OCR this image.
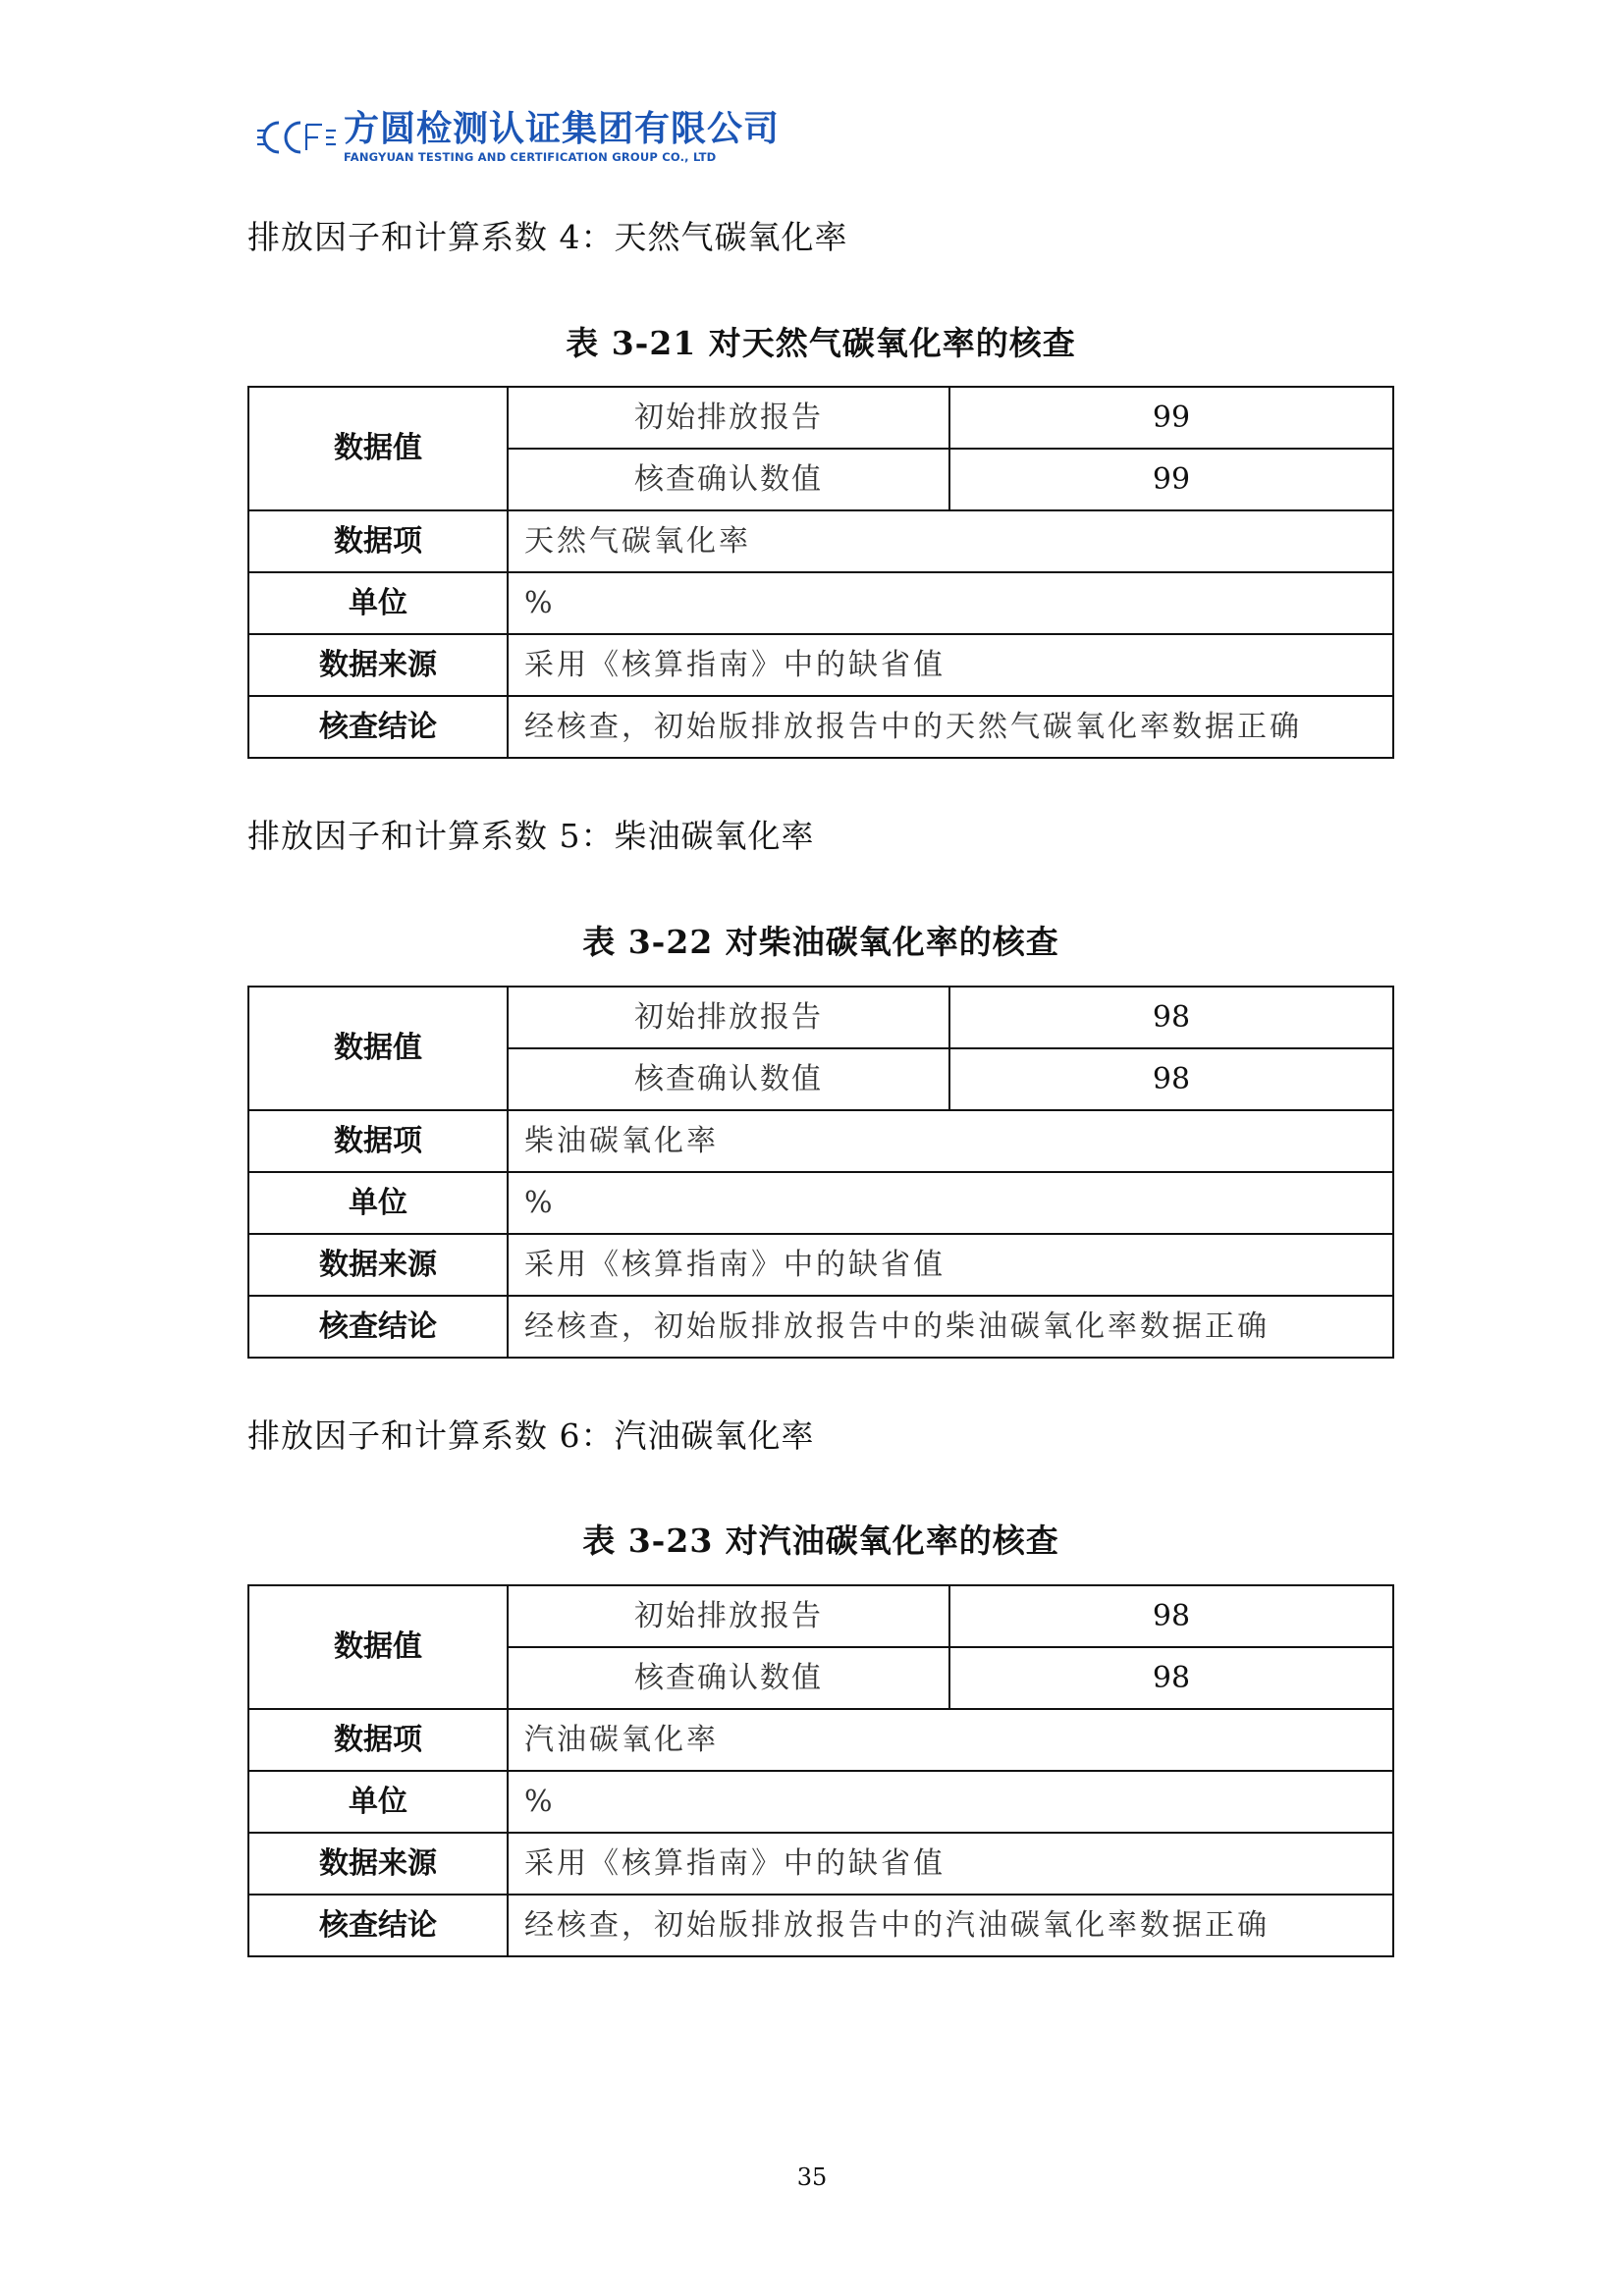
方圆检测认证集团有限公司
FANGYUAN TESTING AND CERTIFICATION GROUP CO., LTD
排放因子和计算系数 4：天然气碳氧化率
表 3-21 对天然气碳氧化率的核查
数据值	初始排放报告	99
	核查确认数值	99
数据项	天然气碳氧化率	
单位	%	
数据来源	采用《核算指南》中的缺省值	
核查结论	经核查，初始版排放报告中的天然气碳氧化率数据正确	
排放因子和计算系数 5：柴油碳氧化率
表 3-22 对柴油碳氧化率的核查
数据值	初始排放报告	98
	核查确认数值	98
数据项	柴油碳氧化率	
单位	%	
数据来源	采用《核算指南》中的缺省值	
核查结论	经核查，初始版排放报告中的柴油碳氧化率数据正确	
排放因子和计算系数 6：汽油碳氧化率
表 3-23 对汽油碳氧化率的核查
数据值	初始排放报告	98
	核查确认数值	98
数据项	汽油碳氧化率	
单位	%	
数据来源	采用《核算指南》中的缺省值	
核查结论	经核查，初始版排放报告中的汽油碳氧化率数据正确	
35
